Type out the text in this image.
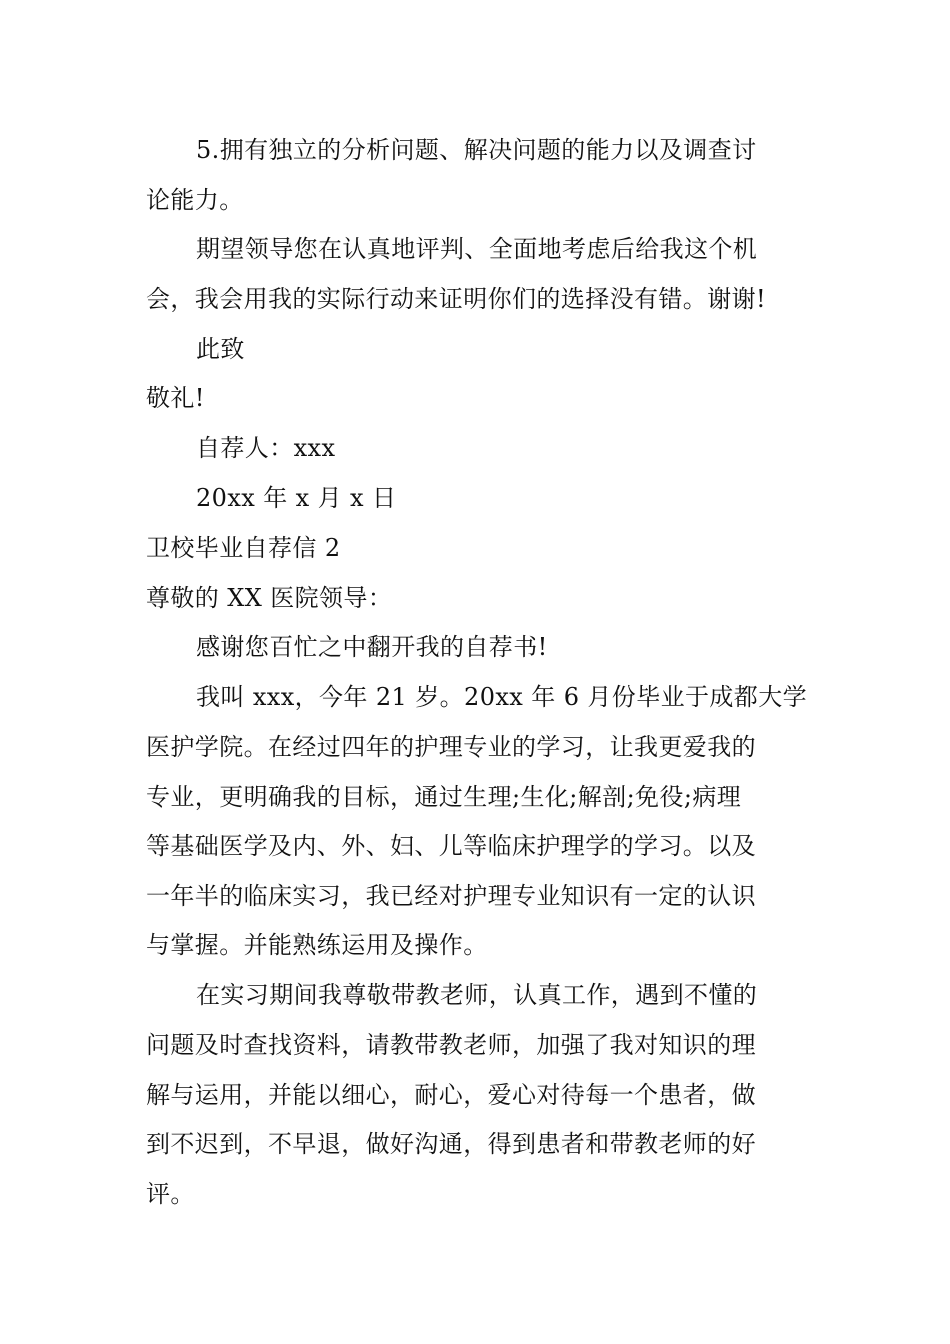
5.拥有独立的分析问题、解决问题的能力以及调查讨
论能力。
期望领导您在认真地评判、全面地考虑后给我这个机
会，我会用我的实际行动来证明你们的选择没有错。谢谢!
此致
敬礼!
自荐人：xxx
20xx 年 x 月 x 日
卫校毕业自荐信 2
尊敬的 XX 医院领导：
感谢您百忙之中翻开我的自荐书!
我叫 xxx，今年 21 岁。20xx 年 6 月份毕业于成都大学
医护学院。在经过四年的护理专业的学习，让我更爱我的
专业，更明确我的目标，通过生理;生化;解剖;免役;病理
等基础医学及内、外、妇、儿等临床护理学的学习。以及
一年半的临床实习，我已经对护理专业知识有一定的认识
与掌握。并能熟练运用及操作。
在实习期间我尊敬带教老师，认真工作，遇到不懂的
问题及时查找资料，请教带教老师，加强了我对知识的理
解与运用，并能以细心，耐心，爱心对待每一个患者，做
到不迟到，不早退，做好沟通，得到患者和带教老师的好
评。
